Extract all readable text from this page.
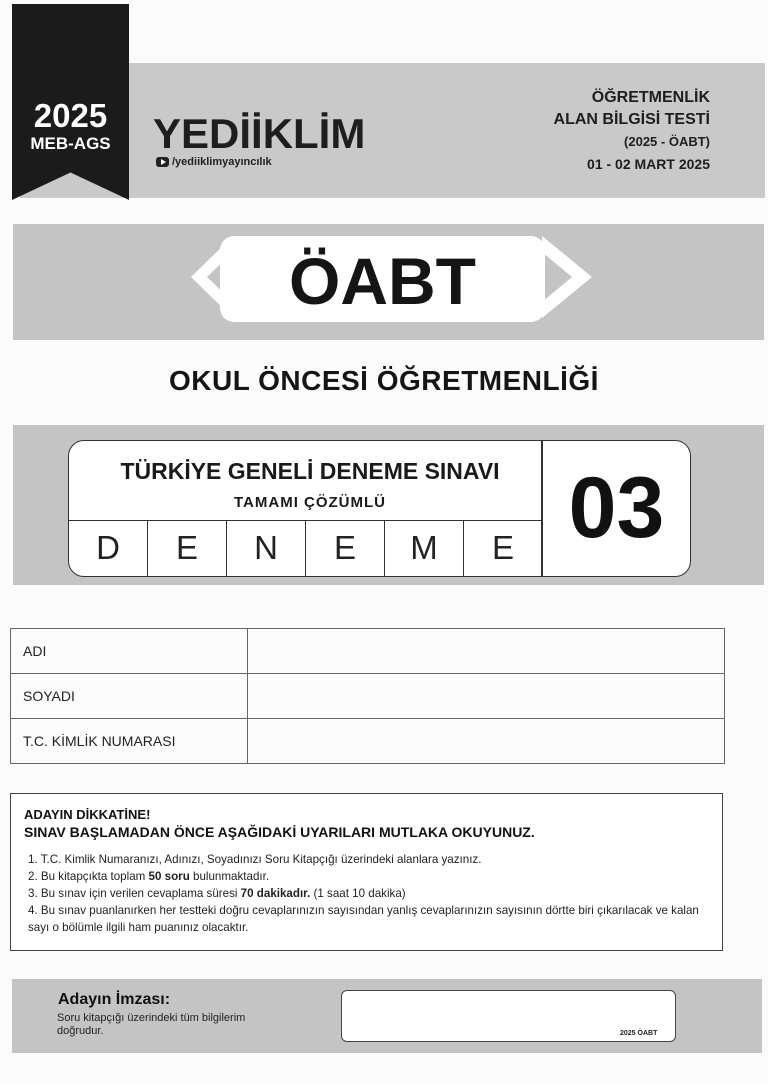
2025
MEB-AGS	YEDİİKLİM
/yediiklimyayıncılık
ÖĞRETMENLİK
ALAN BİLGİSİ TESTİ
(2025 - ÖABT)
01 - 02 MART 2025
ÖABT
OKUL ÖNCESİ ÖĞRETMENLİĞİ
TÜRKİYE GENELİ DENEME SINAVI
TAMAMI ÇÖZÜMLÜ
D	E	N	E	M	E 03
ADI	
SOYADI	
T.C. KİMLİK NUMARASI	
ADAYIN DİKKATİNE!
SINAV BAŞLAMADAN ÖNCE AŞAĞIDAKİ UYARILARI MUTLAKA OKUYUNUZ.
1. T.C. Kimlik Numaranızı, Adınızı, Soyadınızı Soru Kitapçığı üzerindeki alanlara yazınız.
2. Bu kitapçıkta toplam 50 soru bulunmaktadır.
3. Bu sınav için verilen cevaplama süresi 70 dakikadır. (1 saat 10 dakika)
4. Bu sınav puanlanırken her testteki doğru cevaplarınızın sayısından yanlış cevaplarınızın sayısının dörtte biri çıkarılacak ve kalan sayı o bölümle ilgili ham puanınız olacaktır.
Adayın İmzası:
Soru kitapçığı üzerindeki tüm bilgilerim doğrudur.	2025 ÖABT
